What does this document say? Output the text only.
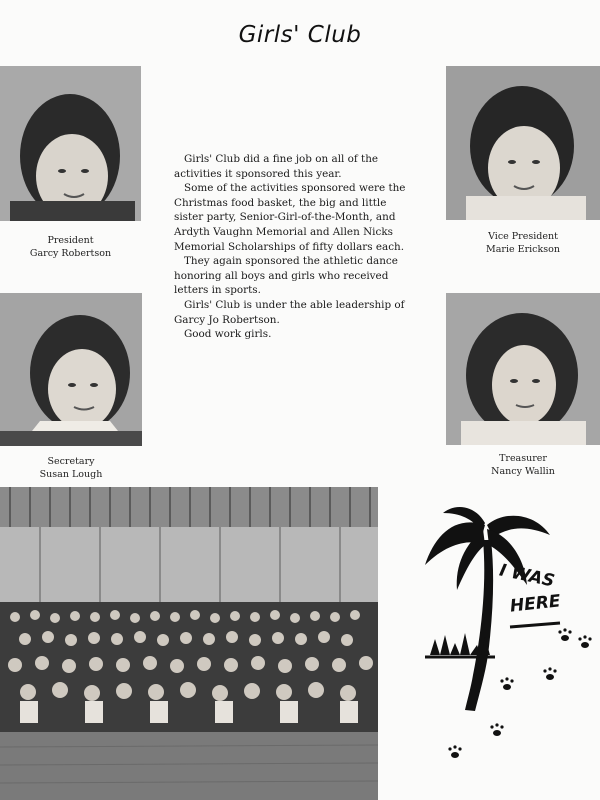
Girls' Club
President
Garcy Robertson
Vice President
Marie Erickson
Secretary
Susan Lough
Treasurer
Nancy Wallin

Girls' Club did a fine job on all of the activities it sponsored this year.

Some of the activities sponsored were the Christmas food basket, the big and little sister party, Senior-Girl-of-the-Month, and Ardyth Vaughn Memorial and Allen Nicks Memorial Scholarships of fifty dollars each.

They again sponsored the athletic dance honoring all boys and girls who received letters in sports.

Girls' Club is under the able leadership of Garcy Jo Robertson.

Good work girls.

I WAS
HERE
